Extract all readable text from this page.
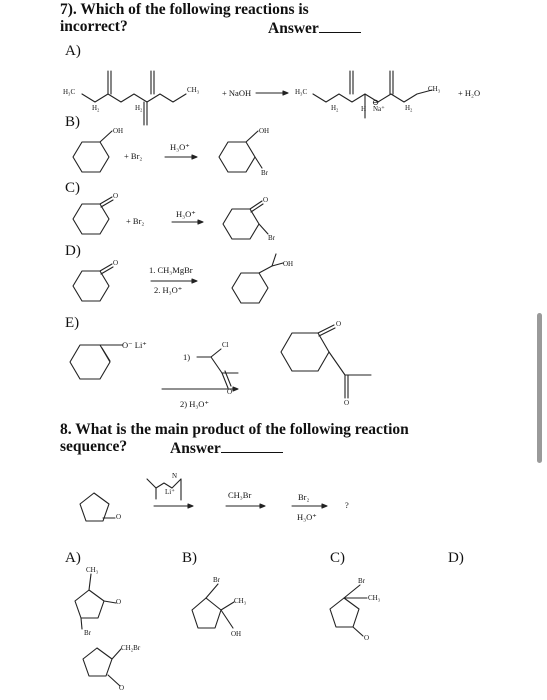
7). Which of the following reactions is
incorrect?	Answer
A)
B)
C)
D)
E)
H₃C
H₂	H₂
CH₃	+ NaOH	H₃C
H₂
⊖
H Na⁺	H₂
CH₃ + H₂O
OH
+ Br₂
H₃O⁺
OH
Br
O
+ Br₂
H₃O⁺
O
Br
O
1. CH₃MgBr
2. H₃O⁺
OH
O⁻ Li⁺
1)
Cl
O
2) H₃O⁺
O
O
8. What is the main product of the following reaction
sequence?	Answer
O
N
Li⁺	CH₃Br	Br₂
H₃O⁺
?
A)	B)	C)	D)
CH₃
O
Br
CH₂Br
O
Br
CH₃
OH
Br
CH₃
O
